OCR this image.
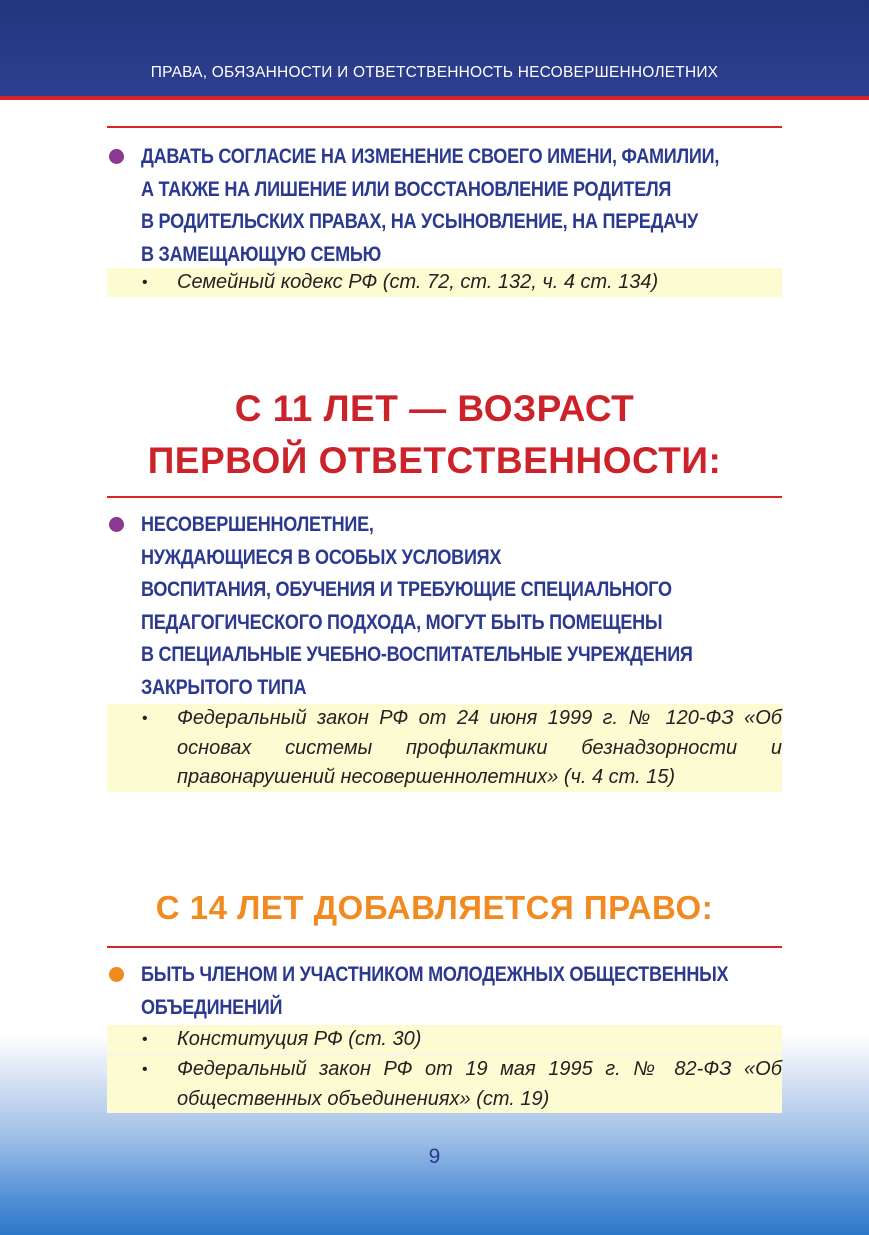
ПРАВА, ОБЯЗАННОСТИ И ОТВЕТСТВЕННОСТЬ НЕСОВЕРШЕННОЛЕТНИХ
ДАВАТЬ СОГЛАСИЕ НА ИЗМЕНЕНИЕ СВОЕГО ИМЕНИ, ФАМИЛИИ,
А ТАКЖЕ НА ЛИШЕНИЕ ИЛИ ВОССТАНОВЛЕНИЕ РОДИТЕЛЯ
В РОДИТЕЛЬСКИХ ПРАВАХ, НА УСЫНОВЛЕНИЕ, НА ПЕРЕДАЧУ
В ЗАМЕЩАЮЩУЮ СЕМЬЮ
• Семейный кодекс РФ (ст. 72, ст. 132, ч. 4 ст. 134)
С 11 ЛЕТ — ВОЗРАСТ
ПЕРВОЙ ОТВЕТСТВЕННОСТИ:
НЕСОВЕРШЕННОЛЕТНИЕ,
НУЖДАЮЩИЕСЯ В ОСОБЫХ УСЛОВИЯХ
ВОСПИТАНИЯ, ОБУЧЕНИЯ И ТРЕБУЮЩИЕ СПЕЦИАЛЬНОГО
ПЕДАГОГИЧЕСКОГО ПОДХОДА, МОГУТ БЫТЬ ПОМЕЩЕНЫ
В СПЕЦИАЛЬНЫЕ УЧЕБНО-ВОСПИТАТЕЛЬНЫЕ УЧРЕЖДЕНИЯ
ЗАКРЫТОГО ТИПА
• Федеральный закон РФ от 24 июня 1999 г. № 120-ФЗ «Об основах системы профилактики безнадзорности и правонарушений несовершеннолетних» (ч. 4 ст. 15)
С 14 ЛЕТ ДОБАВЛЯЕТСЯ ПРАВО:
БЫТЬ ЧЛЕНОМ И УЧАСТНИКОМ МОЛОДЕЖНЫХ ОБЩЕСТВЕННЫХ
ОБЪЕДИНЕНИЙ
• Конституция РФ (ст. 30)
• Федеральный закон РФ от 19 мая 1995 г. № 82-ФЗ «Об общественных объединениях» (ст. 19)
9
